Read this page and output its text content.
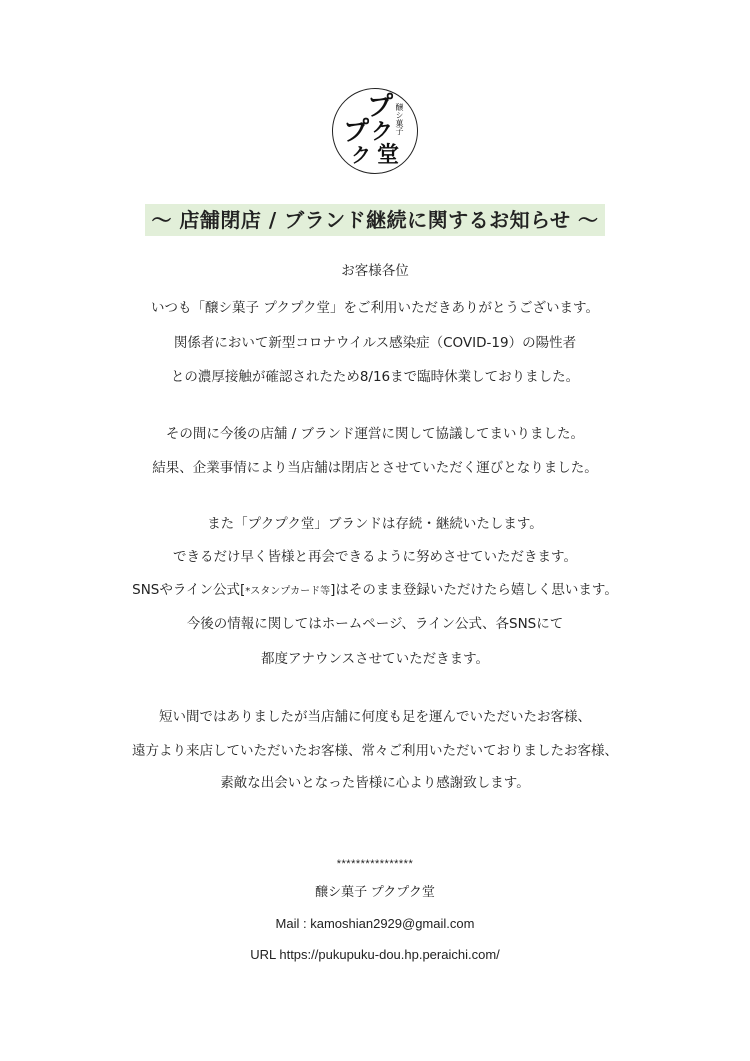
プ
プ ク
ク 堂
醸シ菓子
〜 店舗閉店 / ブランド継続に関するお知らせ 〜
お客様各位
いつも「醸シ菓子 プクプク堂」をご利用いただきありがとうございます。
関係者において新型コロナウイルス感染症（COVID-19）の陽性者
との濃厚接触が確認されたため8/16まで臨時休業しておりました。
その間に今後の店舗 / ブランド運営に関して協議してまいりました。
結果、企業事情により当店舗は閉店とさせていただく運びとなりました。
また「プクプク堂」ブランドは存続・継続いたします。
できるだけ早く皆様と再会できるように努めさせていただきます。
SNSやライン公式[*スタンプカード等]はそのまま登録いただけたら嬉しく思います。
今後の情報に関してはホームページ、ライン公式、各SNSにて
都度アナウンスさせていただきます。
短い間ではありましたが当店舗に何度も足を運んでいただいたお客様、
遠方より来店していただいたお客様、常々ご利用いただいておりましたお客様、
素敵な出会いとなった皆様に心より感謝致します。
****************
醸シ菓子 プクプク堂
Mail : kamoshian2929@gmail.com
URL https://pukupuku-dou.hp.peraichi.com/
